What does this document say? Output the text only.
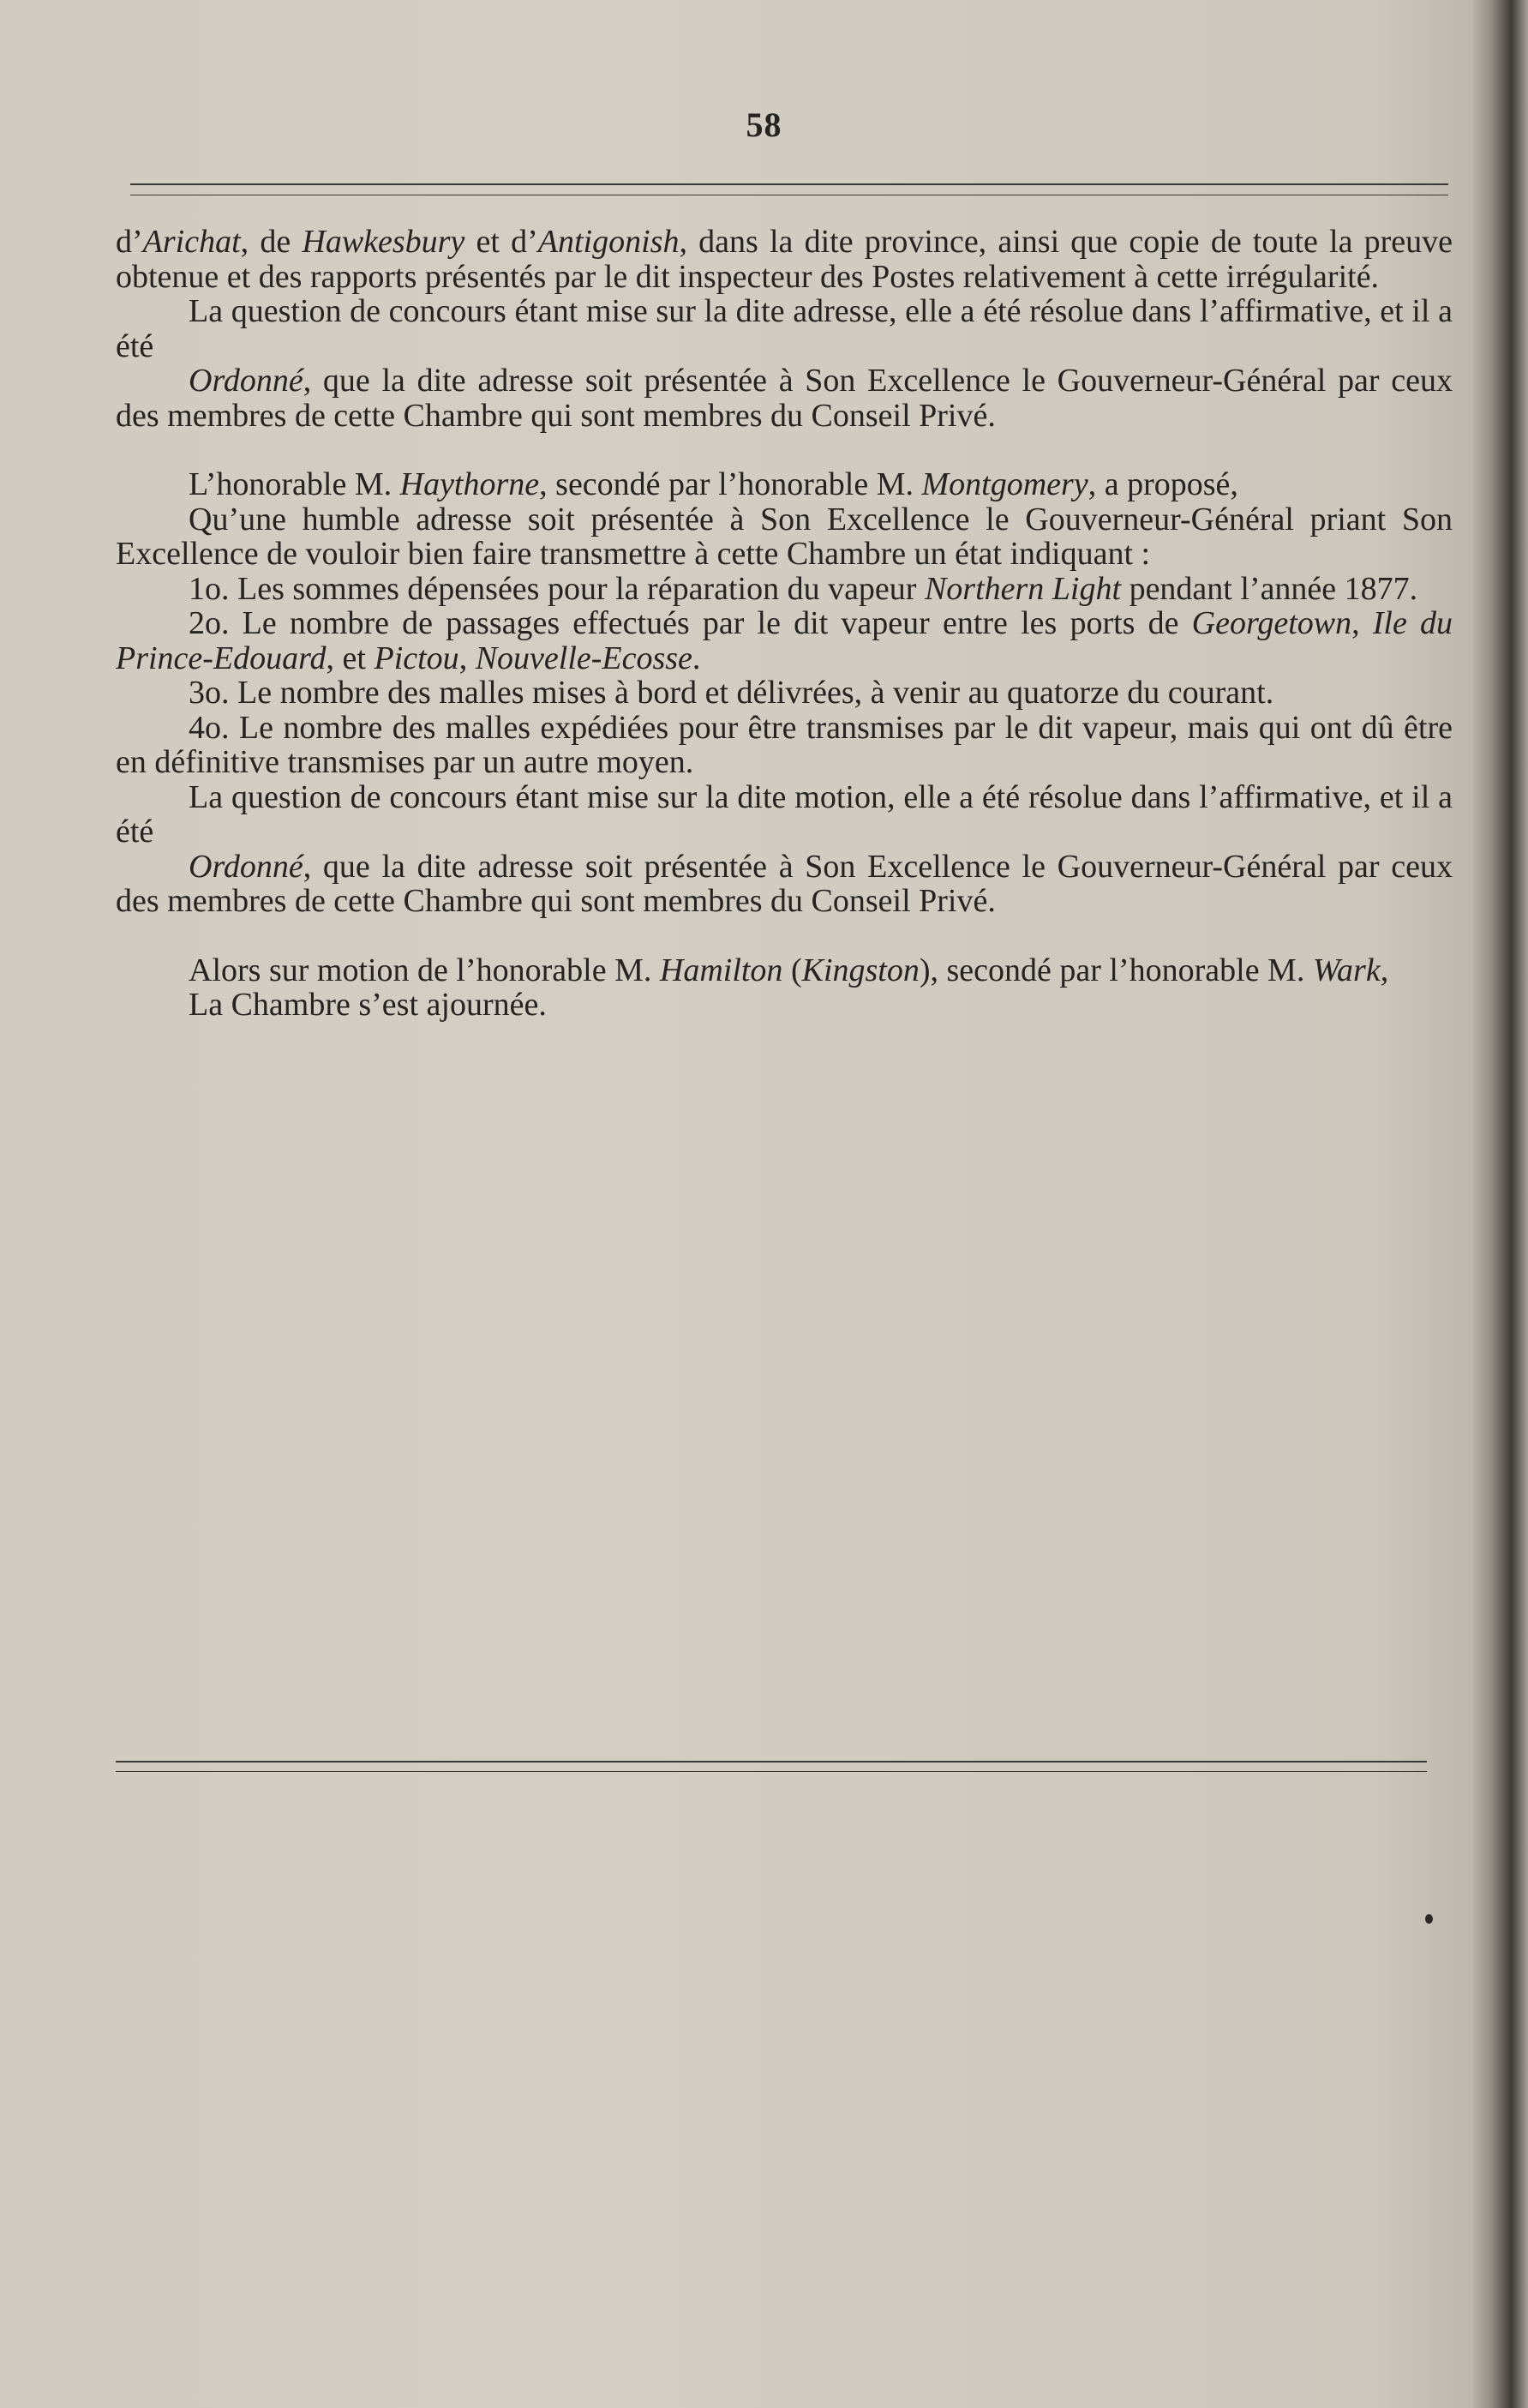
58

d’Arichat, de Hawkesbury et d’Antigonish, dans la dite province, ainsi que copie de toute la preuve obtenue et des rapports présentés par le dit inspecteur des Postes relativement à cette irrégularité.

La question de concours étant mise sur la dite adresse, elle a été résolue dans l’affirmative, et il a été

Ordonné, que la dite adresse soit présentée à Son Excellence le Gouverneur-Général par ceux des membres de cette Chambre qui sont membres du Conseil Privé.

L’honorable M. Haythorne, secondé par l’honorable M. Montgomery, a proposé,

Qu’une humble adresse soit présentée à Son Excellence le Gouverneur-Général priant Son Excellence de vouloir bien faire transmettre à cette Chambre un état indiquant :

1o. Les sommes dépensées pour la réparation du vapeur Northern Light pendant l’année 1877.

2o. Le nombre de passages effectués par le dit vapeur entre les ports de Georgetown, Ile du Prince-Edouard, et Pictou, Nouvelle-Ecosse.

3o. Le nombre des malles mises à bord et délivrées, à venir au quatorze du courant.

4o. Le nombre des malles expédiées pour être transmises par le dit vapeur, mais qui ont dû être en définitive transmises par un autre moyen.

La question de concours étant mise sur la dite motion, elle a été résolue dans l’affirmative, et il a été

Ordonné, que la dite adresse soit présentée à Son Excellence le Gouverneur-Général par ceux des membres de cette Chambre qui sont membres du Conseil Privé.

Alors sur motion de l’honorable M. Hamilton (Kingston), secondé par l’honorable M. Wark,

La Chambre s’est ajournée.
